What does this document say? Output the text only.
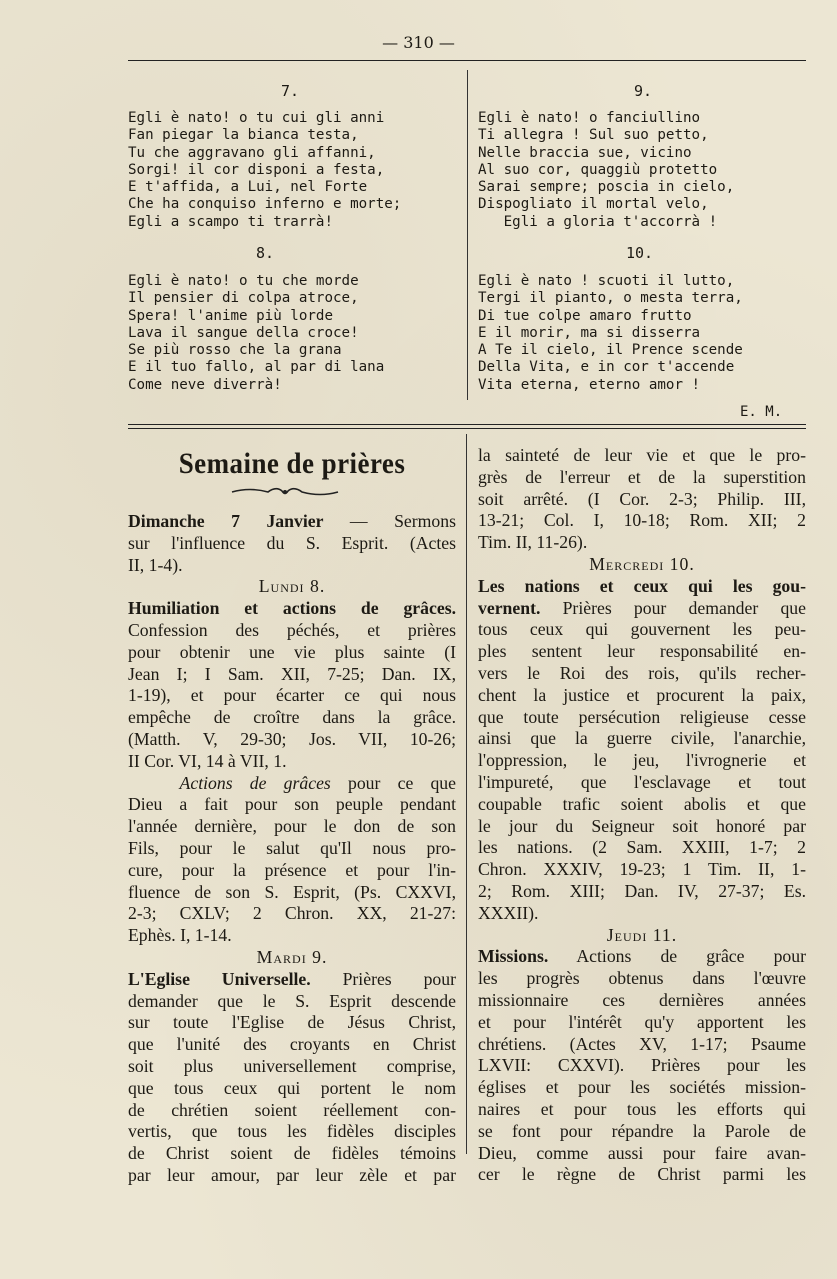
— 310 —
7.
Egli è nato! o tu cui gli anni
Fan piegar la bianca testa,
Tu che aggravano gli affanni,
Sorgi! il cor disponi a festa,
E t'affida, a Lui, nel Forte
Che ha conquiso inferno e morte;
Egli a scampo ti trarrà!
8.
Egli è nato! o tu che morde
Il pensier di colpa atroce,
Spera! l'anime più lorde
Lava il sangue della croce!
Se più rosso che la grana
E il tuo fallo, al par di lana
Come neve diverrà!
9.
Egli è nato! o fanciullino
Ti allegra ! Sul suo petto,
Nelle braccia sue, vicino
Al suo cor, quaggiù protetto
Sarai sempre; poscia in cielo,
Dispogliato il mortal velo,
Egli a gloria t'accorrà !
10.
Egli è nato ! scuoti il lutto,
Tergi il pianto, o mesta terra,
Di tue colpe amaro frutto
E il morir, ma si disserra
A Te il cielo, il Prence scende
Della Vita, e in cor t'accende
Vita eterna, eterno amor !
E. M.
Semaine de prières
Dimanche 7 Janvier — Sermons
sur l'influence du S. Esprit. (Actes
II, 1-4).
Lundi 8.
Humiliation et actions de grâces.
Confession des péchés, et prières
pour obtenir une vie plus sainte (I
Jean I; I Sam. XII, 7-25; Dan. IX,
1-19), et pour écarter ce qui nous
empêche de croître dans la grâce.
(Matth. V, 29-30; Jos. VII, 10-26;
II Cor. VI, 14 à VII, 1.
Actions de grâces pour ce que
Dieu a fait pour son peuple pendant
l'année dernière, pour le don de son
Fils, pour le salut qu'Il nous pro-
cure, pour la présence et pour l'in-
fluence de son S. Esprit, (Ps. CXXVI,
2-3; CXLV; 2 Chron. XX, 21-27:
Ephès. I, 1-14.
Mardi 9.
L'Eglise Universelle. Prières pour
demander que le S. Esprit descende
sur toute l'Eglise de Jésus Christ,
que l'unité des croyants en Christ
soit plus universellement comprise,
que tous ceux qui portent le nom
de chrétien soient réellement con-
vertis, que tous les fidèles disciples
de Christ soient de fidèles témoins
par leur amour, par leur zèle et par
la sainteté de leur vie et que le pro-
grès de l'erreur et de la superstition
soit arrêté. (I Cor. 2-3; Philip. III,
13-21; Col. I, 10-18; Rom. XII; 2
Tim. II, 11-26).
Mercredi 10.
Les nations et ceux qui les gou-
vernent. Prières pour demander que
tous ceux qui gouvernent les peu-
ples sentent leur responsabilité en-
vers le Roi des rois, qu'ils recher-
chent la justice et procurent la paix,
que toute persécution religieuse cesse
ainsi que la guerre civile, l'anarchie,
l'oppression, le jeu, l'ivrognerie et
l'impureté, que l'esclavage et tout
coupable trafic soient abolis et que
le jour du Seigneur soit honoré par
les nations. (2 Sam. XXIII, 1-7; 2
Chron. XXXIV, 19-23; 1 Tim. II, 1-
2; Rom. XIII; Dan. IV, 27-37; Es.
XXXII).
Jeudi 11.
Missions. Actions de grâce pour
les progrès obtenus dans l'œuvre
missionnaire ces dernières années
et pour l'intérêt qu'y apportent les
chrétiens. (Actes XV, 1-17; Psaume
LXVII: CXXVI). Prières pour les
églises et pour les sociétés mission-
naires et pour tous les efforts qui
se font pour répandre la Parole de
Dieu, comme aussi pour faire avan-
cer le règne de Christ parmi les
